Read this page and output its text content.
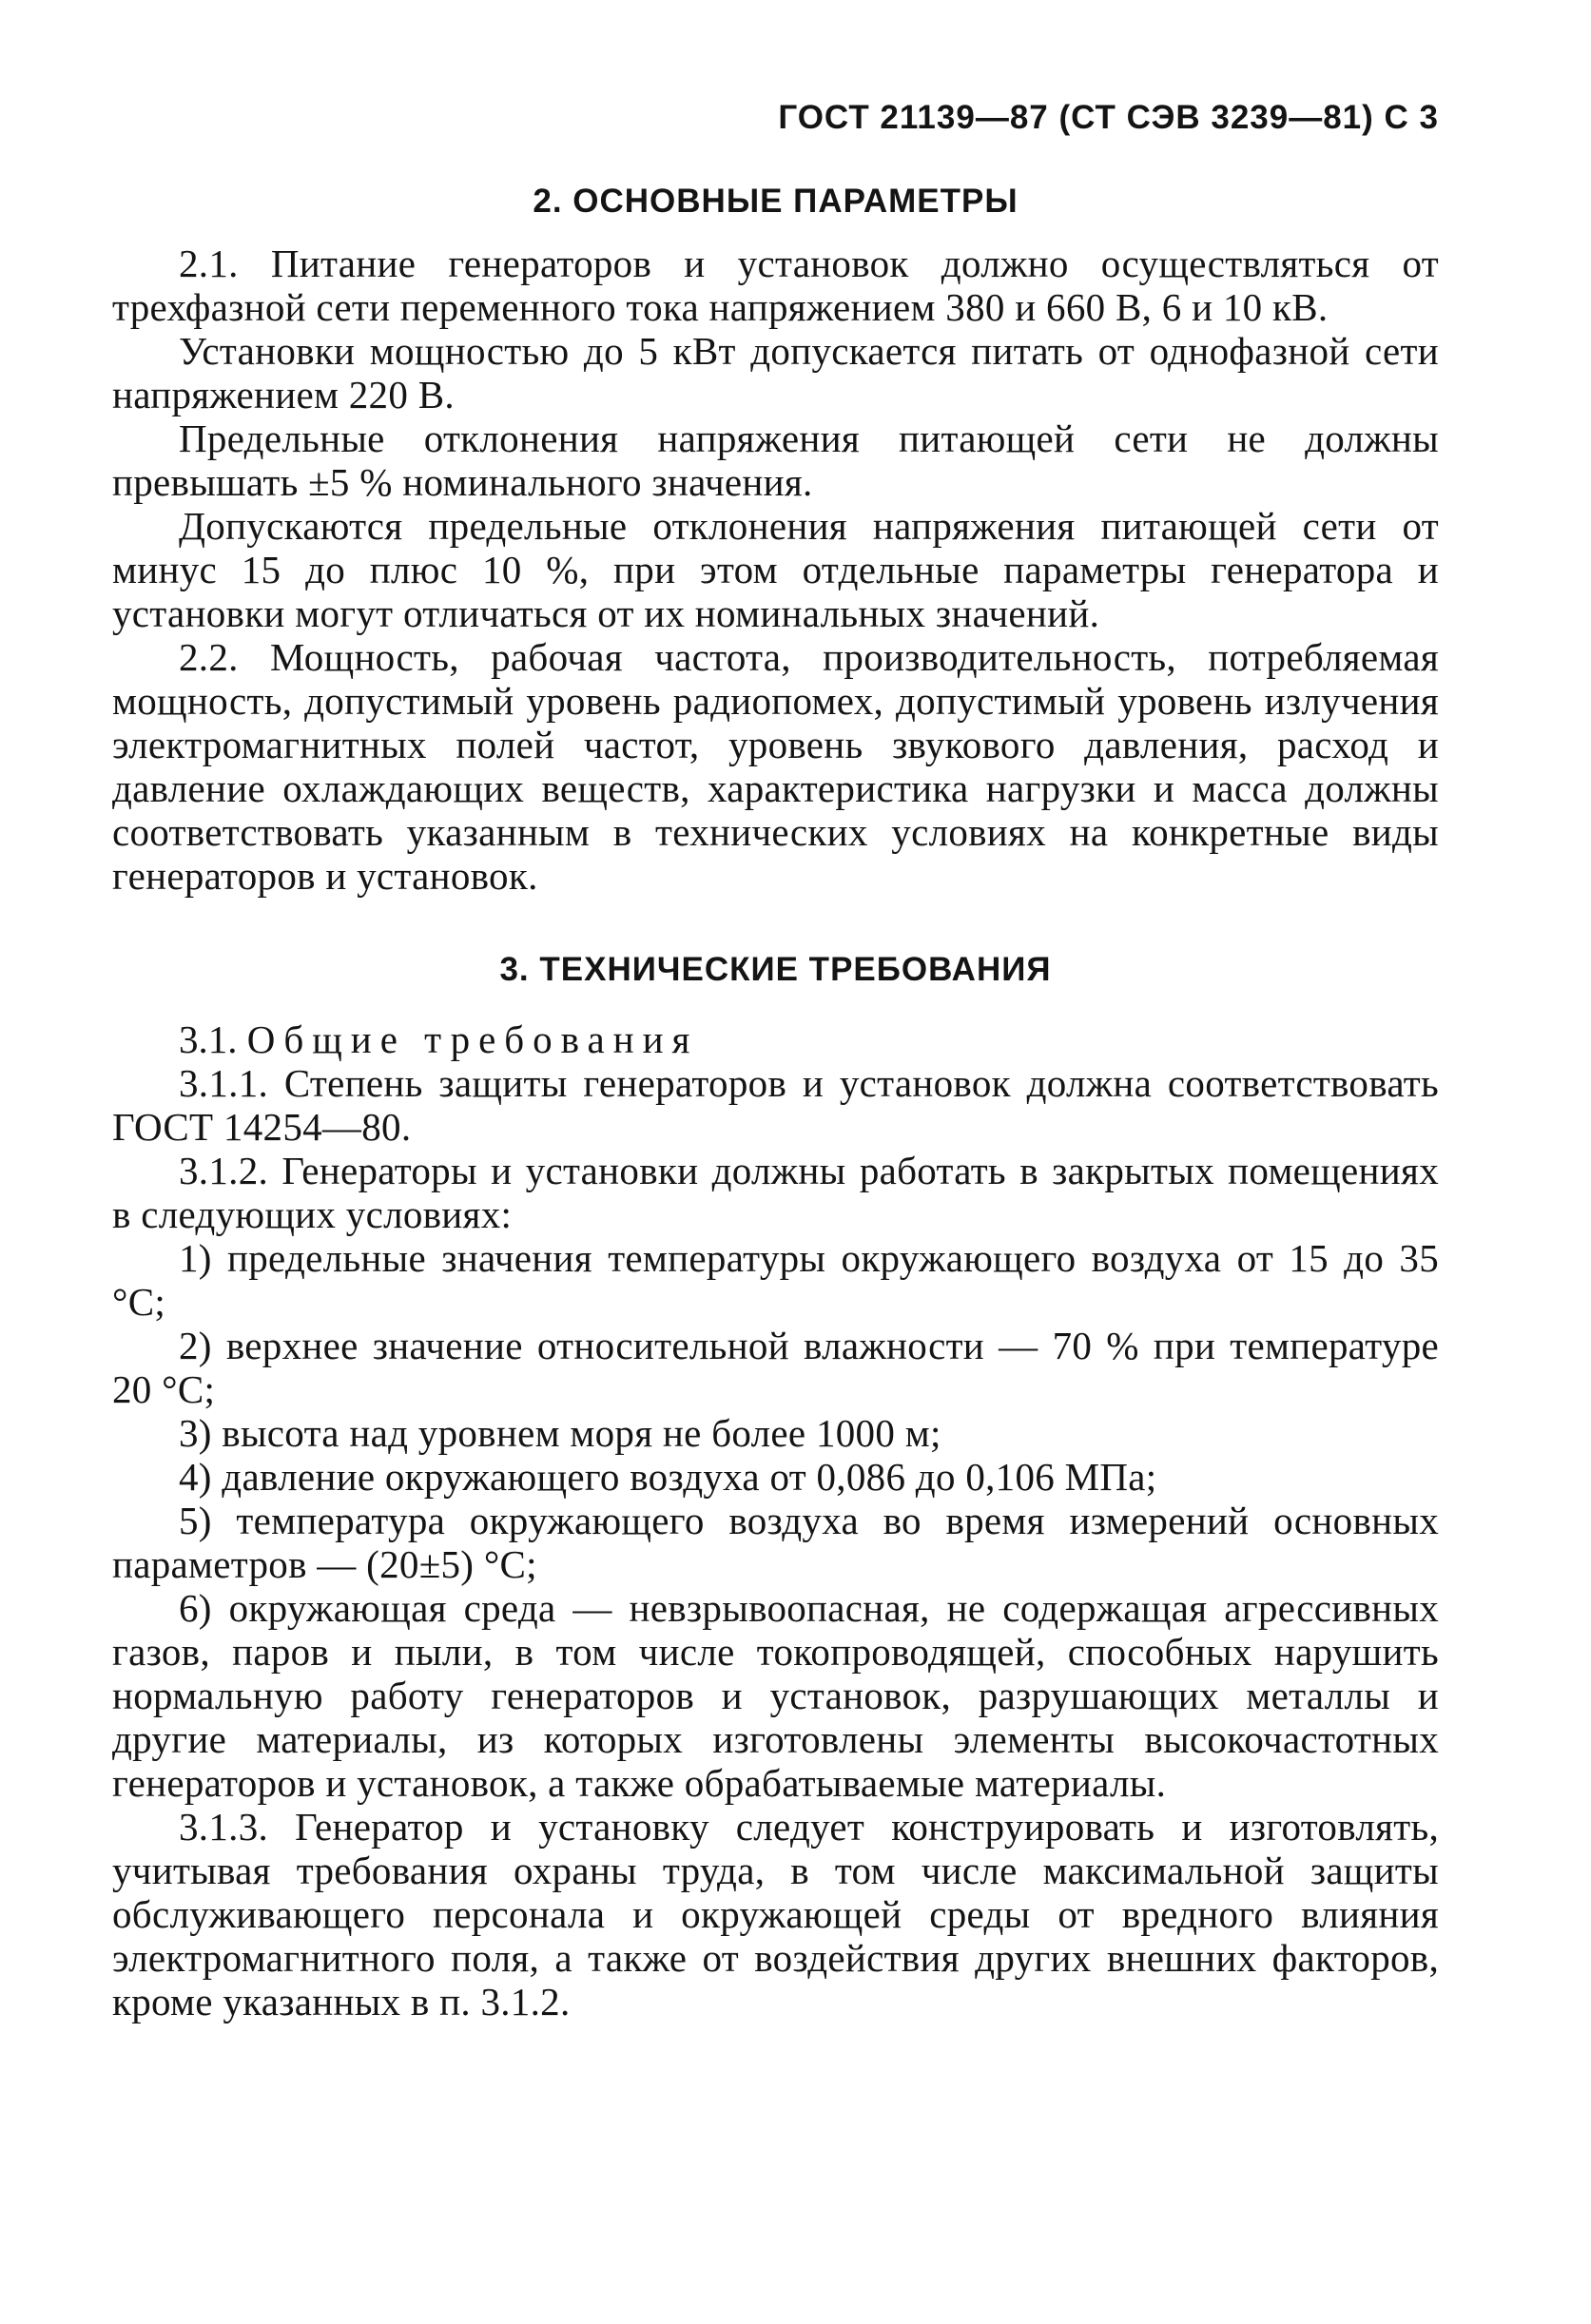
ГОСТ 21139—87 (СТ СЭВ 3239—81) С 3
2. ОСНОВНЫЕ ПАРАМЕТРЫ

2.1. Питание генераторов и установок должно осуществляться от трехфазной сети переменного тока напряжением 380 и 660 В, 6 и 10 кВ.

Установки мощностью до 5 кВт допускается питать от однофазной сети напряжением 220 В.

Предельные отклонения напряжения питающей сети не должны превышать ±5 % номинального значения.

Допускаются предельные отклонения напряжения питающей сети от минус 15 до плюс 10 %, при этом отдельные параметры генератора и установки могут отличаться от их номинальных значений.

2.2. Мощность, рабочая частота, производительность, потребляемая мощность, допустимый уровень радиопомех, допустимый уровень излучения электромагнитных полей частот, уровень звукового давления, расход и давление охлаждающих веществ, характеристика нагрузки и масса должны соответствовать указанным в технических условиях на конкретные виды генераторов и установок.

3. ТЕХНИЧЕСКИЕ ТРЕБОВАНИЯ
3.1. Общие требования

3.1.1. Степень защиты генераторов и установок должна соответствовать ГОСТ 14254—80.

3.1.2. Генераторы и установки должны работать в закрытых помещениях в следующих условиях:

1) предельные значения температуры окружающего воздуха от 15 до 35 °С;

2) верхнее значение относительной влажности — 70 % при температуре 20 °С;

3) высота над уровнем моря не более 1000 м;

4) давление окружающего воздуха от 0,086 до 0,106 МПа;

5) температура окружающего воздуха во время измерений основных параметров — (20±5) °С;

6) окружающая среда — невзрывоопасная, не содержащая агрессивных газов, паров и пыли, в том числе токопроводящей, способных нарушить нормальную работу генераторов и установок, разрушающих металлы и другие материалы, из которых изготовлены элементы высокочастотных генераторов и установок, а также обрабатываемые материалы.

3.1.3. Генератор и установку следует конструировать и изготовлять, учитывая требования охраны труда, в том числе максимальной защиты обслуживающего персонала и окружающей среды от вредного влияния электромагнитного поля, а также от воздействия других внешних факторов, кроме указанных в п. 3.1.2.
